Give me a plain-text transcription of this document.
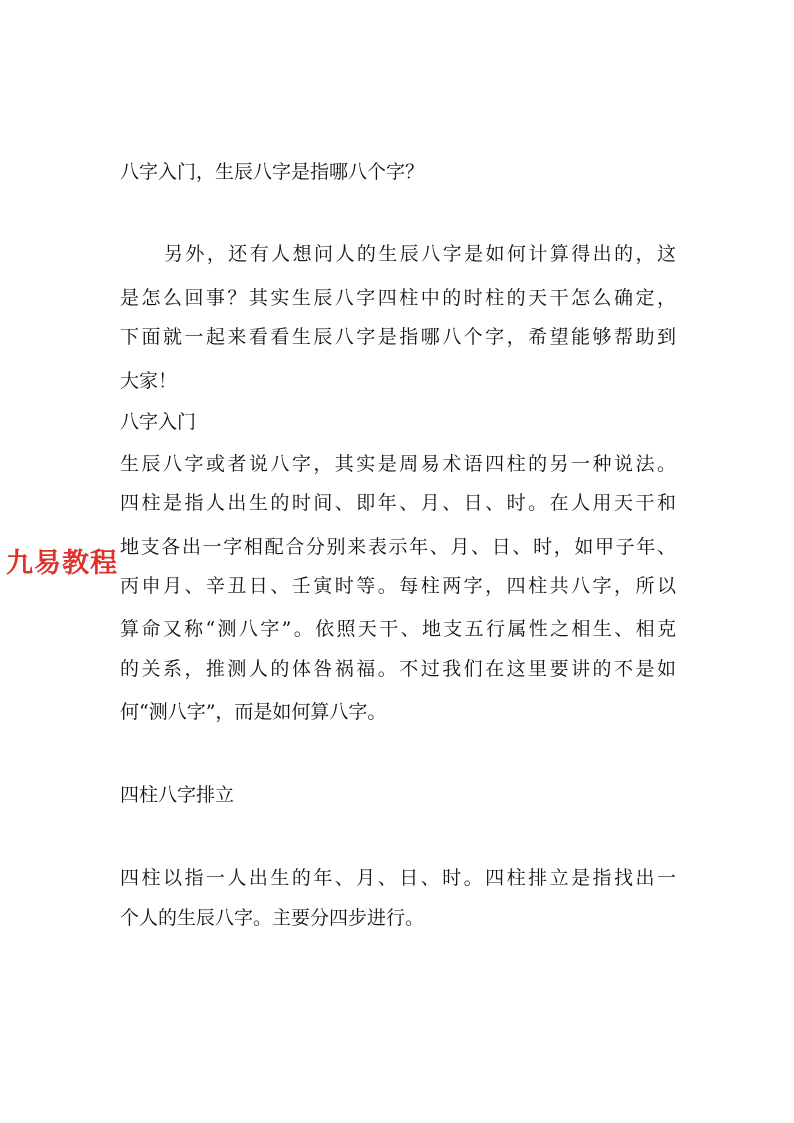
八字入门，生辰八字是指哪八个字？
另外，还有人想问人的生辰八字是如何计算得出的，这
是怎么回事？其实生辰八字四柱中的时柱的天干怎么确定，
下面就一起来看看生辰八字是指哪八个字，希望能够帮助到
大家！
八字入门
生辰八字或者说八字，其实是周易术语四柱的另一种说法。
四柱是指人出生的时间、即年、月、日、时。在人用天干和
地支各出一字相配合分别来表示年、月、日、时，如甲子年、
丙申月、辛丑日、壬寅时等。每柱两字，四柱共八字，所以
算命又称“测八字”。依照天干、地支五行属性之相生、相克
的关系，推测人的体咎祸福。不过我们在这里要讲的不是如
何“测八字”，而是如何算八字。
四柱八字排立
四柱以指一人出生的年、月、日、时。四柱排立是指找出一
个人的生辰八字。主要分四步进行。
九易教程
